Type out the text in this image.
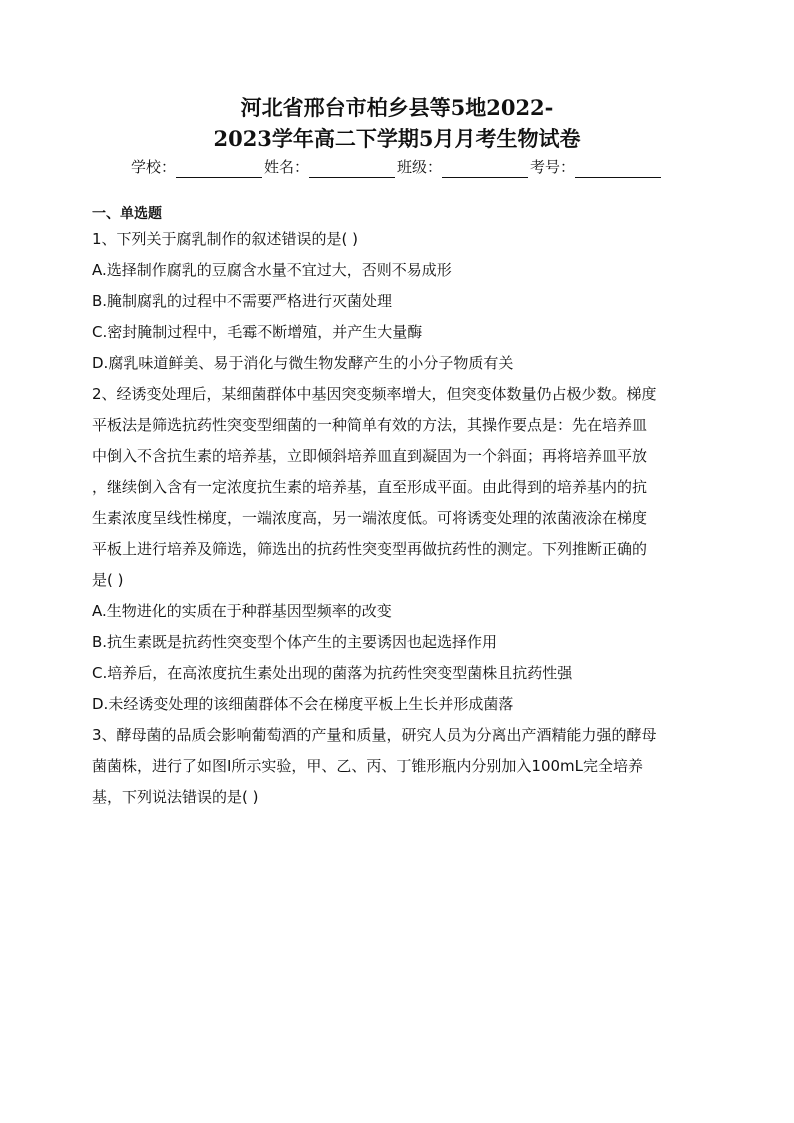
河北省邢台市柏乡县等5地2022-
2023学年高二下学期5月月考生物试卷
学校：	姓名：	班级：	考号：
一、单选题
1、下列关于腐乳制作的叙述错误的是( )
A.选择制作腐乳的豆腐含水量不宜过大，否则不易成形
B.腌制腐乳的过程中不需要严格进行灭菌处理
C.密封腌制过程中，毛霉不断增殖，并产生大量酶
D.腐乳味道鲜美、易于消化与微生物发酵产生的小分子物质有关
2、经诱变处理后，某细菌群体中基因突变频率增大，但突变体数量仍占极少数。梯度
平板法是筛选抗药性突变型细菌的一种简单有效的方法，其操作要点是：先在培养皿
中倒入不含抗生素的培养基，立即倾斜培养皿直到凝固为一个斜面；再将培养皿平放
，继续倒入含有一定浓度抗生素的培养基，直至形成平面。由此得到的培养基内的抗
生素浓度呈线性梯度，一端浓度高，另一端浓度低。可将诱变处理的浓菌液涂在梯度
平板上进行培养及筛选，筛选出的抗药性突变型再做抗药性的测定。下列推断正确的
是( )
A.生物进化的实质在于种群基因型频率的改变
B.抗生素既是抗药性突变型个体产生的主要诱因也起选择作用
C.培养后，在高浓度抗生素处出现的菌落为抗药性突变型菌株且抗药性强
D.未经诱变处理的该细菌群体不会在梯度平板上生长并形成菌落
3、酵母菌的品质会影响葡萄酒的产量和质量，研究人员为分离出产酒精能力强的酵母
菌菌株，进行了如图Ⅰ所示实验，甲、乙、丙、丁锥形瓶内分别加入100mL完全培养
基，下列说法错误的是( )
